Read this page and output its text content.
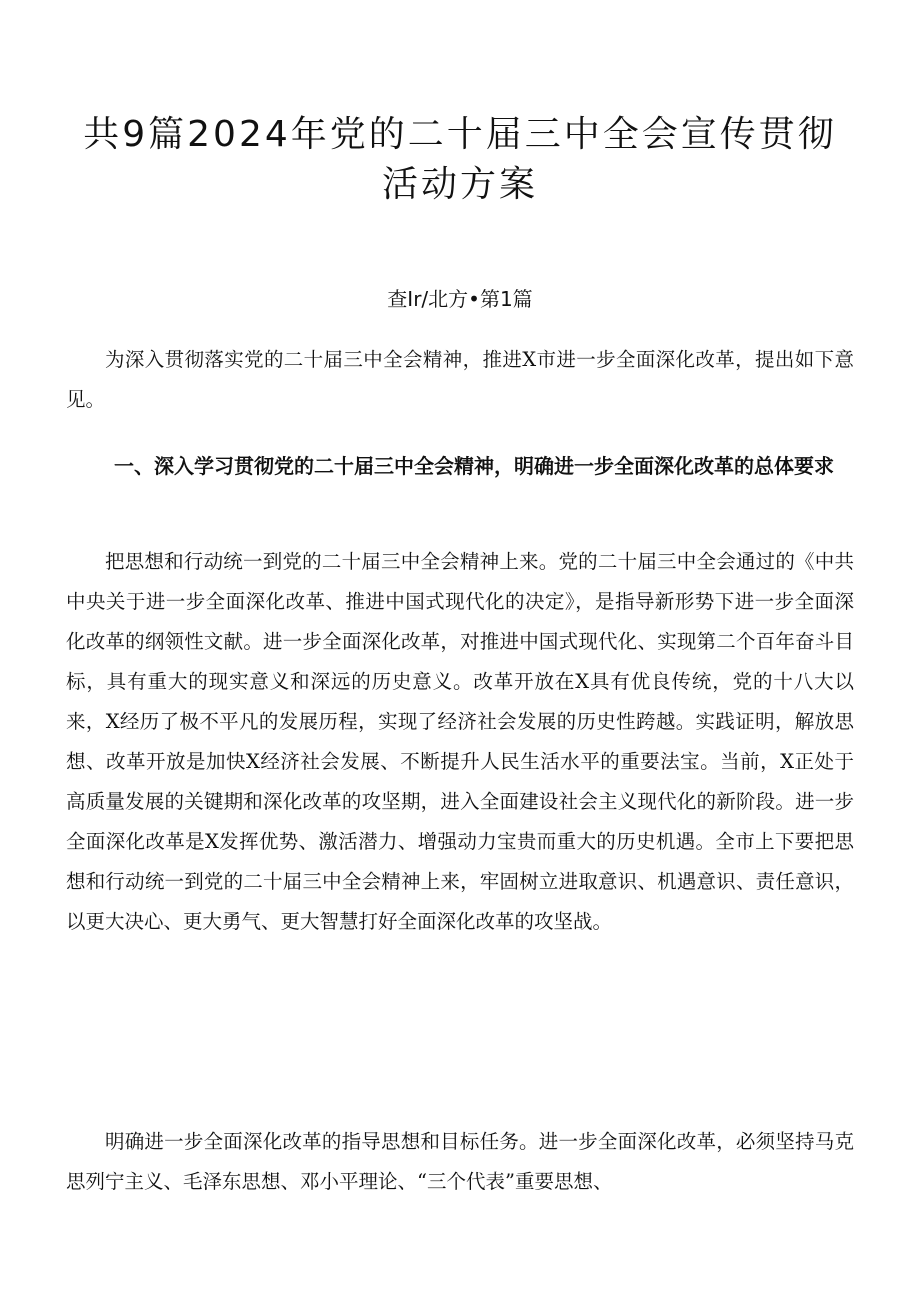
共9篇2024年党的二十届三中全会宣传贯彻活动方案
查Ir/北方•第1篇

为深入贯彻落实党的二十届三中全会精神，推进X市进一步全面深化改革，提出如下意见。

一、深入学习贯彻党的二十届三中全会精神，明确进一步全面深化改革的总体要求

把思想和行动统一到党的二十届三中全会精神上来。党的二十届三中全会通过的《中共中央关于进一步全面深化改革、推进中国式现代化的决定》，是指导新形势下进一步全面深化改革的纲领性文献。进一步全面深化改革，对推进中国式现代化、实现第二个百年奋斗目标，具有重大的现实意义和深远的历史意义。改革开放在X具有优良传统，党的十八大以来，X经历了极不平凡的发展历程，实现了经济社会发展的历史性跨越。实践证明，解放思想、改革开放是加快X经济社会发展、不断提升人民生活水平的重要法宝。当前，X正处于高质量发展的关键期和深化改革的攻坚期，进入全面建设社会主义现代化的新阶段。进一步全面深化改革是X发挥优势、激活潜力、增强动力宝贵而重大的历史机遇。全市上下要把思想和行动统一到党的二十届三中全会精神上来，牢固树立进取意识、机遇意识、责任意识，以更大决心、更大勇气、更大智慧打好全面深化改革的攻坚战。

明确进一步全面深化改革的指导思想和目标任务。进一步全面深化改革，必须坚持马克思列宁主义、毛泽东思想、邓小平理论、“三个代表”重要思想、
